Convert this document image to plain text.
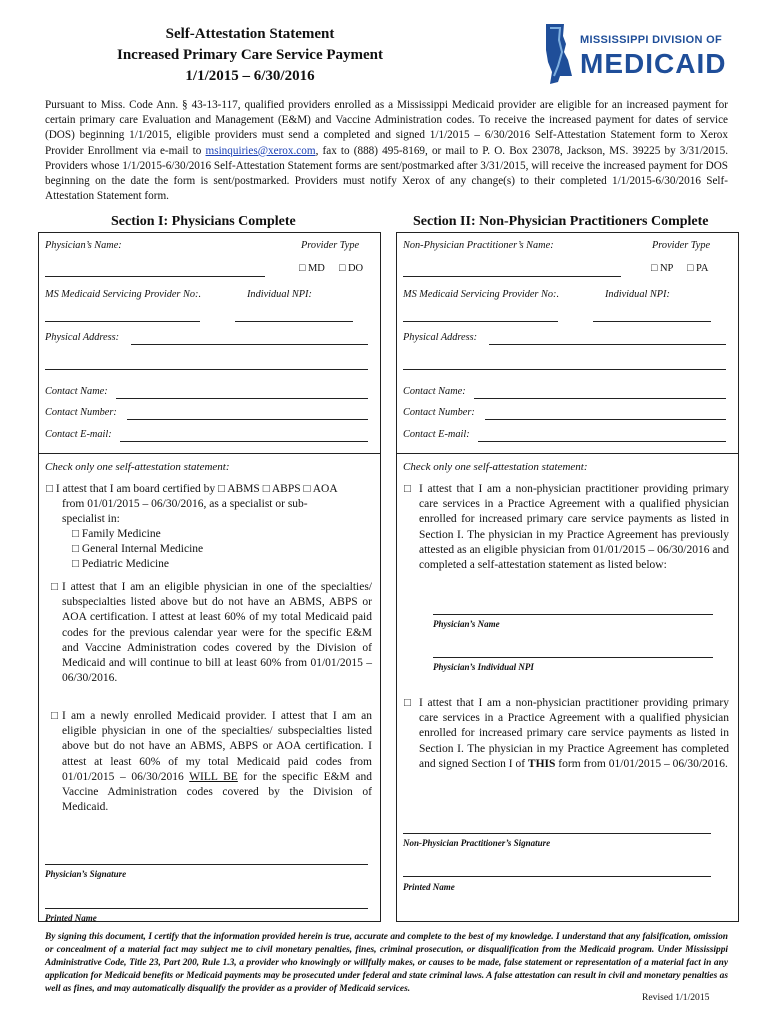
Self-Attestation Statement
Increased Primary Care Service Payment
1/1/2015 – 6/30/2016
MISSISSIPPI DIVISION OF
MEDICAID
Pursuant to Miss. Code Ann. § 43-13-117, qualified providers enrolled as a Mississippi Medicaid provider are eligible for an increased payment for certain primary care Evaluation and Management (E&M) and Vaccine Administration codes. To receive the increased payment for dates of service (DOS) beginning 1/1/2015, eligible providers must send a completed and signed 1/1/2015 – 6/30/2016 Self-Attestation Statement form to Xerox Provider Enrollment via e-mail to msinquiries@xerox.com, fax to (888) 495-8169, or mail to P. O. Box 23078, Jackson, MS. 39225 by 3/31/2015. Providers whose 1/1/2015-6/30/2016 Self-Attestation Statement forms are sent/postmarked after 3/31/2015, will receive the increased payment for DOS beginning on the date the form is sent/postmarked. Providers must notify Xerox of any change(s) to their completed 1/1/2015-6/30/2016 Self-Attestation Statement form.
Section I: Physicians Complete	Section II: Non-Physician Practitioners Complete
Physician’s Name:	Provider Type
□ MD □ DO
MS Medicaid Servicing Provider No:.	Individual NPI:
Physical Address:
Contact Name:
Contact Number:
Contact E-mail:
Check only one self-attestation statement:
□ I attest that I am board certified by □ ABMS □ ABPS □ AOA
from 01/01/2015 – 06/30/2016, as a specialist or sub-
specialist in:
□ Family Medicine
□ General Internal Medicine
□ Pediatric Medicine
□ I attest that I am an eligible physician in one of the specialties/ subspecialties listed above but do not have an ABMS, ABPS or AOA certification. I attest at least 60% of my total Medicaid paid codes for the previous calendar year were for the specific E&M and Vaccine Administration codes covered by the Division of Medicaid and will continue to bill at least 60% from 01/01/2015 – 06/30/2016.
□ I am a newly enrolled Medicaid provider. I attest that I am an eligible physician in one of the specialties/ subspecialties listed above but do not have an ABMS, ABPS or AOA certification. I attest at least 60% of my total Medicaid paid codes from 01/01/2015 – 06/30/2016 WILL BE for the specific E&M and Vaccine Administration codes covered by the Division of Medicaid.
Physician’s Signature
Printed Name
Non-Physician Practitioner’s Name:	Provider Type
□ NP □ PA
MS Medicaid Servicing Provider No:.	Individual NPI:
Physical Address:
Contact Name:
Contact Number:
Contact E-mail:
Check only one self-attestation statement:
□ I attest that I am a non-physician practitioner providing primary care services in a Practice Agreement with a qualified physician enrolled for increased primary care service payments as listed in Section I. The physician in my Practice Agreement has previously attested as an eligible physician from 01/01/2015 – 06/30/2016 and completed a self-attestation statement as listed below:
Physician’s Name
Physician’s Individual NPI
□ I attest that I am a non-physician practitioner providing primary care services in a Practice Agreement with a qualified physician enrolled for increased primary care service payments as listed in Section I. The physician in my Practice Agreement has completed and signed Section I of THIS form from 01/01/2015 – 06/30/2016.
Non-Physician Practitioner’s Signature
Printed Name
By signing this document, I certify that the information provided herein is true, accurate and complete to the best of my knowledge. I understand that any falsification, omission or concealment of a material fact may subject me to civil monetary penalties, fines, criminal prosecution, or disqualification from the Medicaid program. Under Mississippi Administrative Code, Title 23, Part 200, Rule 1.3, a provider who knowingly or willfully makes, or causes to be made, false statement or representation of a material fact in any application for Medicaid benefits or Medicaid payments may be prosecuted under federal and state criminal laws. A false attestation can result in civil and monetary penalties as well as fines, and may automatically disqualify the provider as a provider of Medicaid services.
Revised 1/1/2015
